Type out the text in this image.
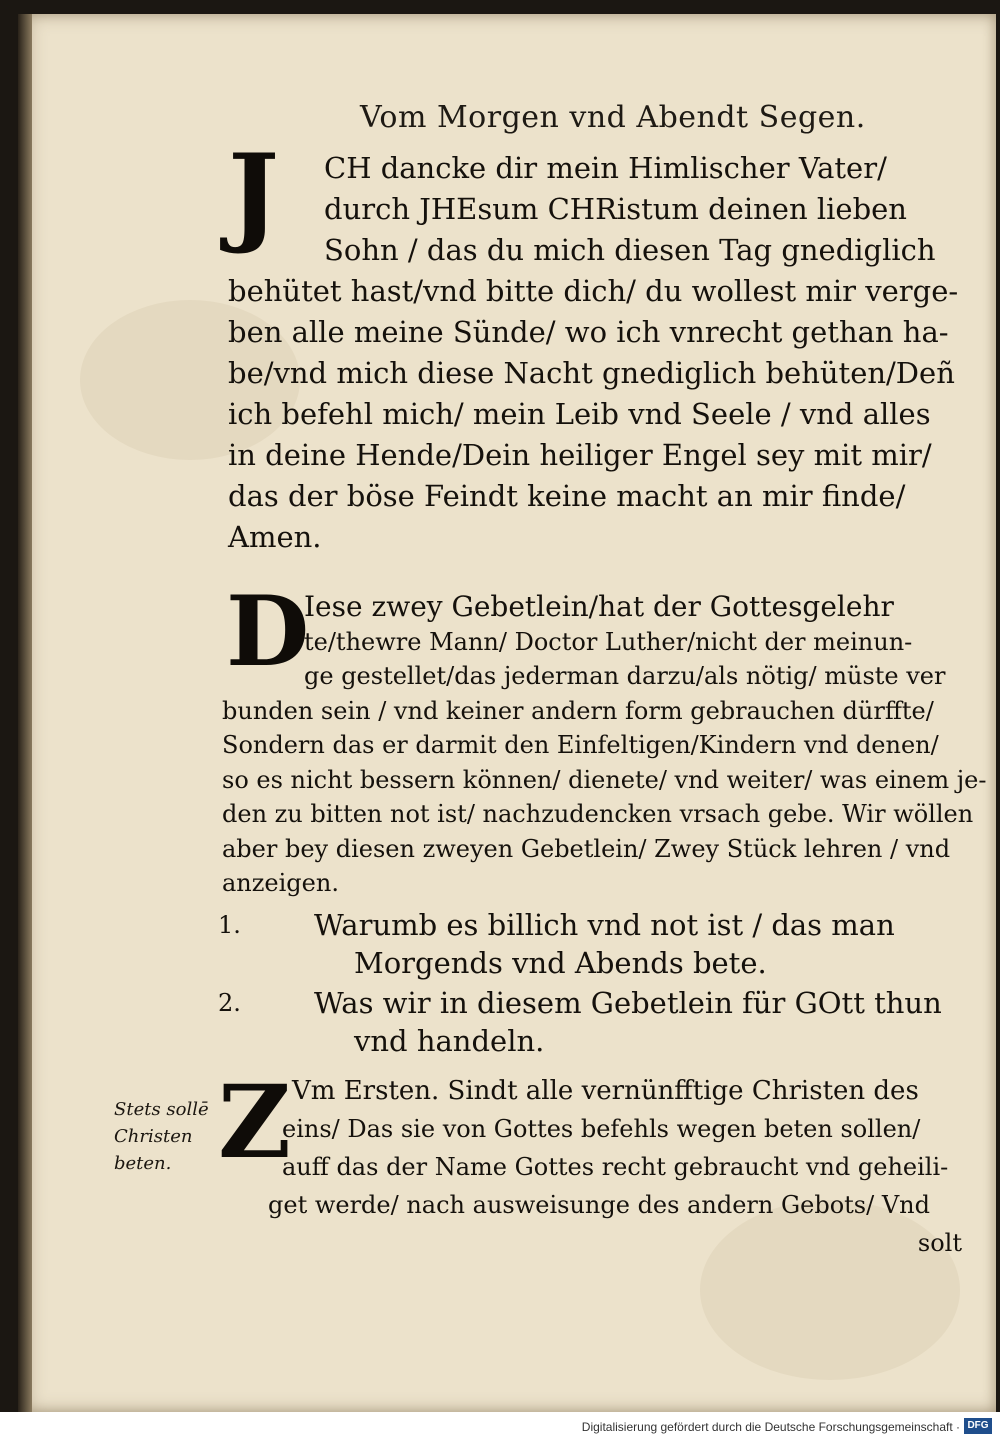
Vom Morgen vnd Abendt Segen.
J	CH dancke dir mein Himlischer Vater/
durch JHEsum CHRistum deinen lieben
Sohn / das du mich diesen Tag gnediglich
behütet hast/vnd bitte dich/ du wollest mir verge-
ben alle meine Sünde/ wo ich vnrecht gethan ha-
be/vnd mich diese Nacht gnediglich behüten/Deñ
ich befehl mich/ mein Leib vnd Seele / vnd alles
in deine Hende/Dein heiliger Engel sey mit mir/
das der böse Feindt keine macht an mir finde/
Amen.
D
Iese zwey Gebetlein/hat der Gottesgelehr
te/thewre Mann/ Doctor Luther/nicht der meinun-
ge gestellet/das jederman darzu/als nötig/ müste ver
bunden sein / vnd keiner andern form gebrauchen dürffte/
Sondern das er darmit den Einfeltigen/Kindern vnd denen/
so es nicht bessern können/ dienete/ vnd weiter/ was einem je-
den zu bitten not ist/ nachzudencken vrsach gebe. Wir wöllen
aber bey diesen zweyen Gebetlein/ Zwey Stück lehren / vnd
anzeigen.
1.	Warumb es billich vnd not ist / das man
Morgends vnd Abends bete.
2.	Was wir in diesem Gebetlein für GOtt thun
vnd handeln.
Stets sollē
Christen
beten. Z Vm Ersten. Sindt alle vernünfftige Christen des
eins/ Das sie von Gottes befehls wegen beten sollen/
auff das der Name Gottes recht gebraucht vnd geheili-
get werde/ nach ausweisunge des andern Gebots/ Vnd
solt
Digitalisierung gefördert durch die Deutsche Forschungsgemeinschaft · DFG
